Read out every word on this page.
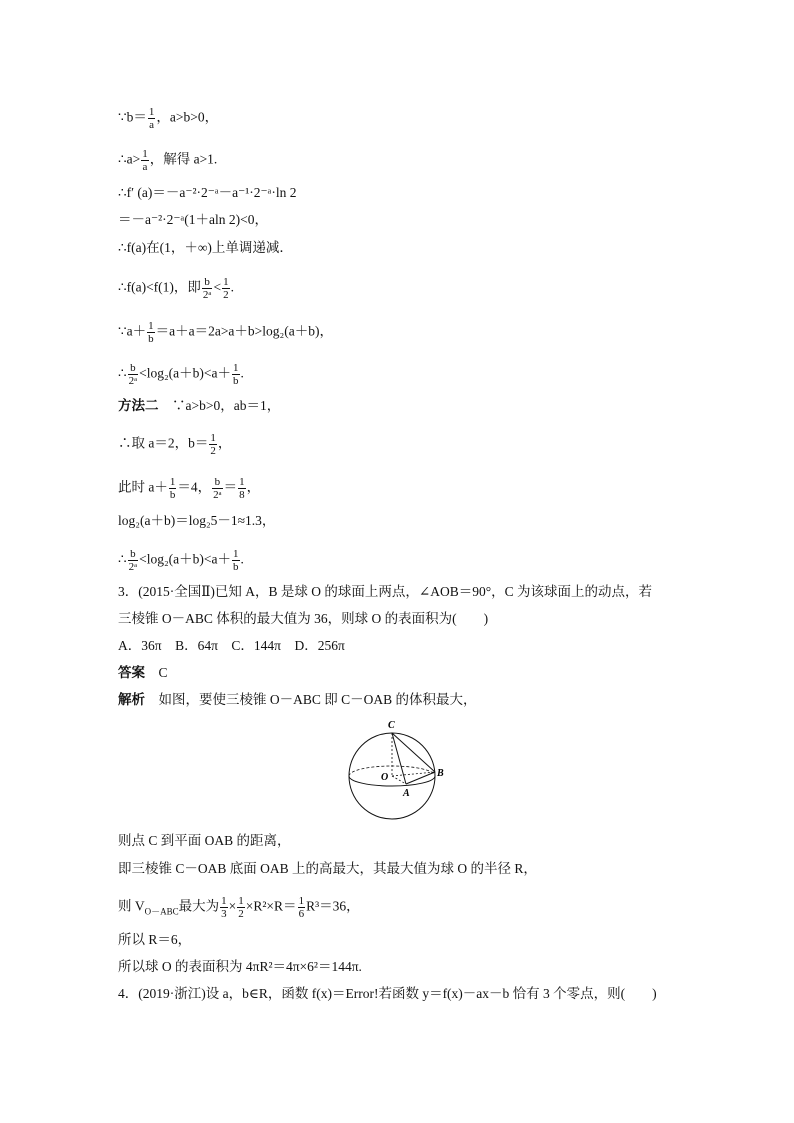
∵b＝ $\frac{1}{a}$ ，a>b>0，
∴a> $\frac{1}{a}$ ，解得 a>1.
∴f′ (a)＝－a⁻²·2⁻ᵃ－a⁻¹·2⁻ᵃ·ln 2
＝－a⁻²·2⁻ᵃ(1＋aln 2)<0，
∴f(a)在(1，＋∞)上单调递减．
∴f(a)<f(1)，即 $\frac{b}{\text{2ᵃ}} < \frac{1}{2}$ .
∵a＋ $\frac{1}{b} =a+a=2a>a+b>\log_2(a+b)$，
∴ $\frac{b}{\text{2ᵃ}} <\log_2(a+b)<a+ \frac{1}{b}$ .
方法二　 ∵a>b>0，ab＝1，
∴取 a＝2，$b= \frac{1}{2}$ ，
此时 $a+ \frac{1}{b} =4$， $\frac{b}{\text{2ᵃ}} = \frac{1}{8}$ ，
log₂(a＋b)＝log₂5－1≈1.3，
∴ $\frac{b}{\text{2ᵃ}} <\log_2(a+b)<a+ \frac{1}{b}$ .
3．(2015·全国Ⅱ)已知 A，B 是球 O 的球面上两点，∠AOB＝90°，C 为该球面上的动点，若
三棱锥 O－ABC 体积的最大值为 36，则球 O 的表面积为(　　)
A．36π　B．64π　C．144π　D．256π
答案　 C
解析　 如图，要使三棱锥 O－ABC 即 C－OAB 的体积最大，
C
O
A
B
则点 C 到平面 OAB 的距离，
即三棱锥 C－OAB 底面 OAB 上的高最大，其最大值为球 O 的半径 R，
则 $V_{O-ABC}$最大为 $\frac{1}{3} \times \frac{1}{2} \times R^2\times R= \frac{1}{6} R^3=36$，
所以 R＝6，
所以球 O 的表面积为 4πR²＝4π×6²＝144π.
4．(2019·浙江)设 a，b∈R，函数 f(x)＝Error!若函数 y＝f(x)－ax－b 恰有 3 个零点，则(　　)
